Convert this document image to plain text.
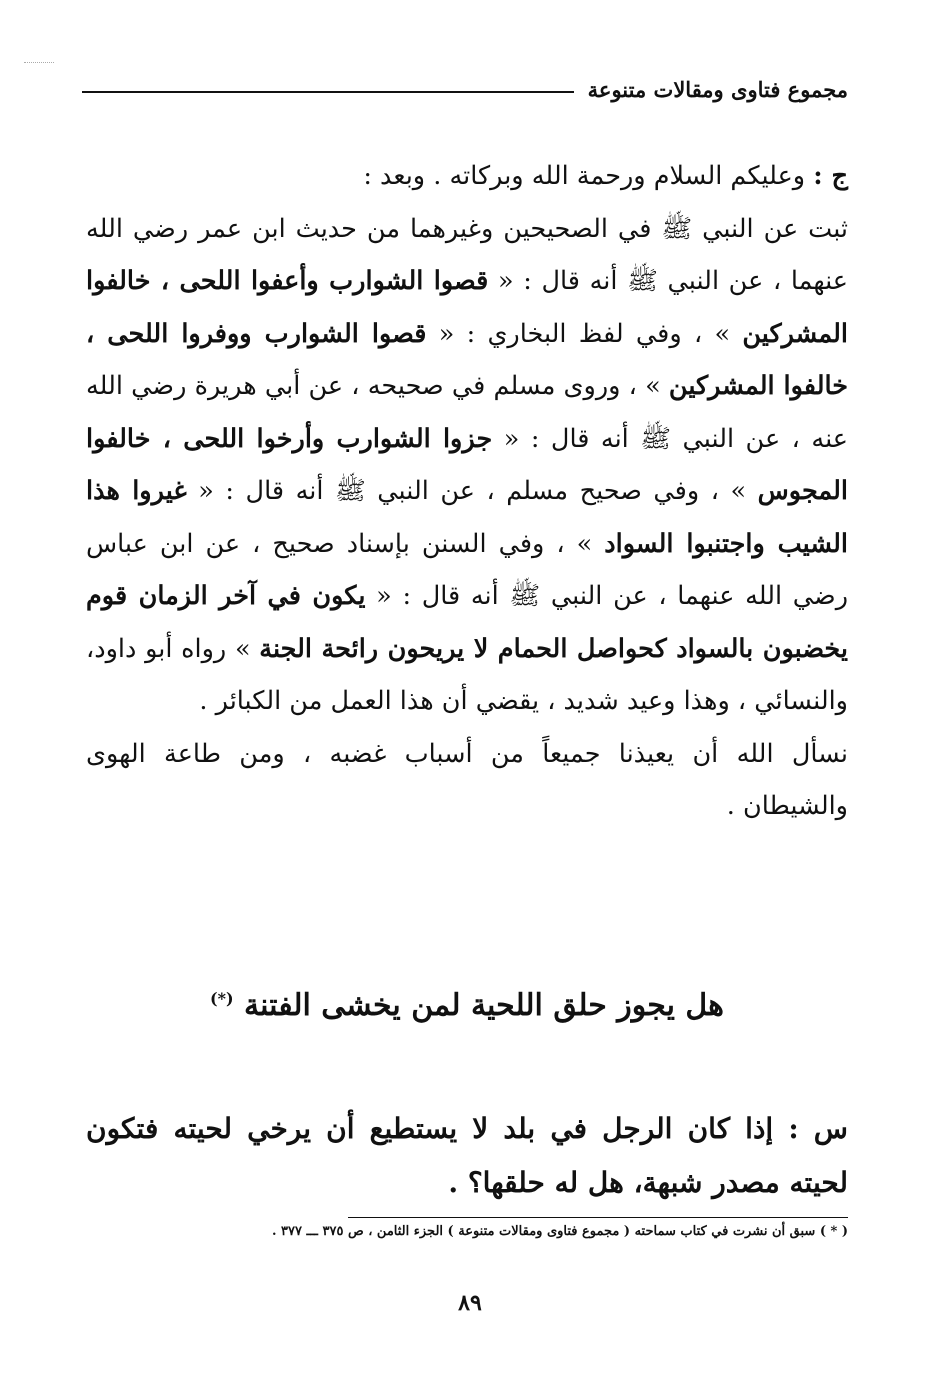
مجموع فتاوى ومقالات متنوعة

ج : وعليكم السلام ورحمة الله وبركاته . وبعد :

ثبت عن النبي ﷺ في الصحيحين وغيرهما من حديث ابن عمر رضي الله عنهما ، عن النبي ﷺ أنه قال : « قصوا الشوارب وأعفوا اللحى ، خالفوا المشركين » ، وفي لفظ البخاري : « قصوا الشوارب ووفروا اللحى ، خالفوا المشركين » ، وروى مسلم في صحيحه ، عن أبي هريرة رضي الله عنه ، عن النبي ﷺ أنه قال : « جزوا الشوارب وأرخوا اللحى ، خالفوا المجوس » ، وفي صحيح مسلم ، عن النبي ﷺ أنه قال : « غيروا هذا الشيب واجتنبوا السواد » ، وفي السنن بإسناد صحيح ، عن ابن عباس رضي الله عنهما ، عن النبي ﷺ أنه قال : « يكون في آخر الزمان قوم يخضبون بالسواد كحواصل الحمام لا يريحون رائحة الجنة » رواه أبو داود، والنسائي ، وهذا وعيد شديد ، يقضي أن هذا العمل من الكبائر .

نسأل الله أن يعيذنا جميعاً من أسباب غضبه ، ومن طاعة الهوى والشيطان .

هل يجوز حلق اللحية لمن يخشى الفتنة (*)
س : إذا كان الرجل في بلد لا يستطيع أن يرخي لحيته فتكون لحيته مصدر شبهة، هل له حلقها؟ .
( * ) سبق أن نشرت في كتاب سماحته ( مجموع فتاوى ومقالات متنوعة ) الجزء الثامن ، ص ٣٧٥ ـــ ٣٧٧ .
٨٩
